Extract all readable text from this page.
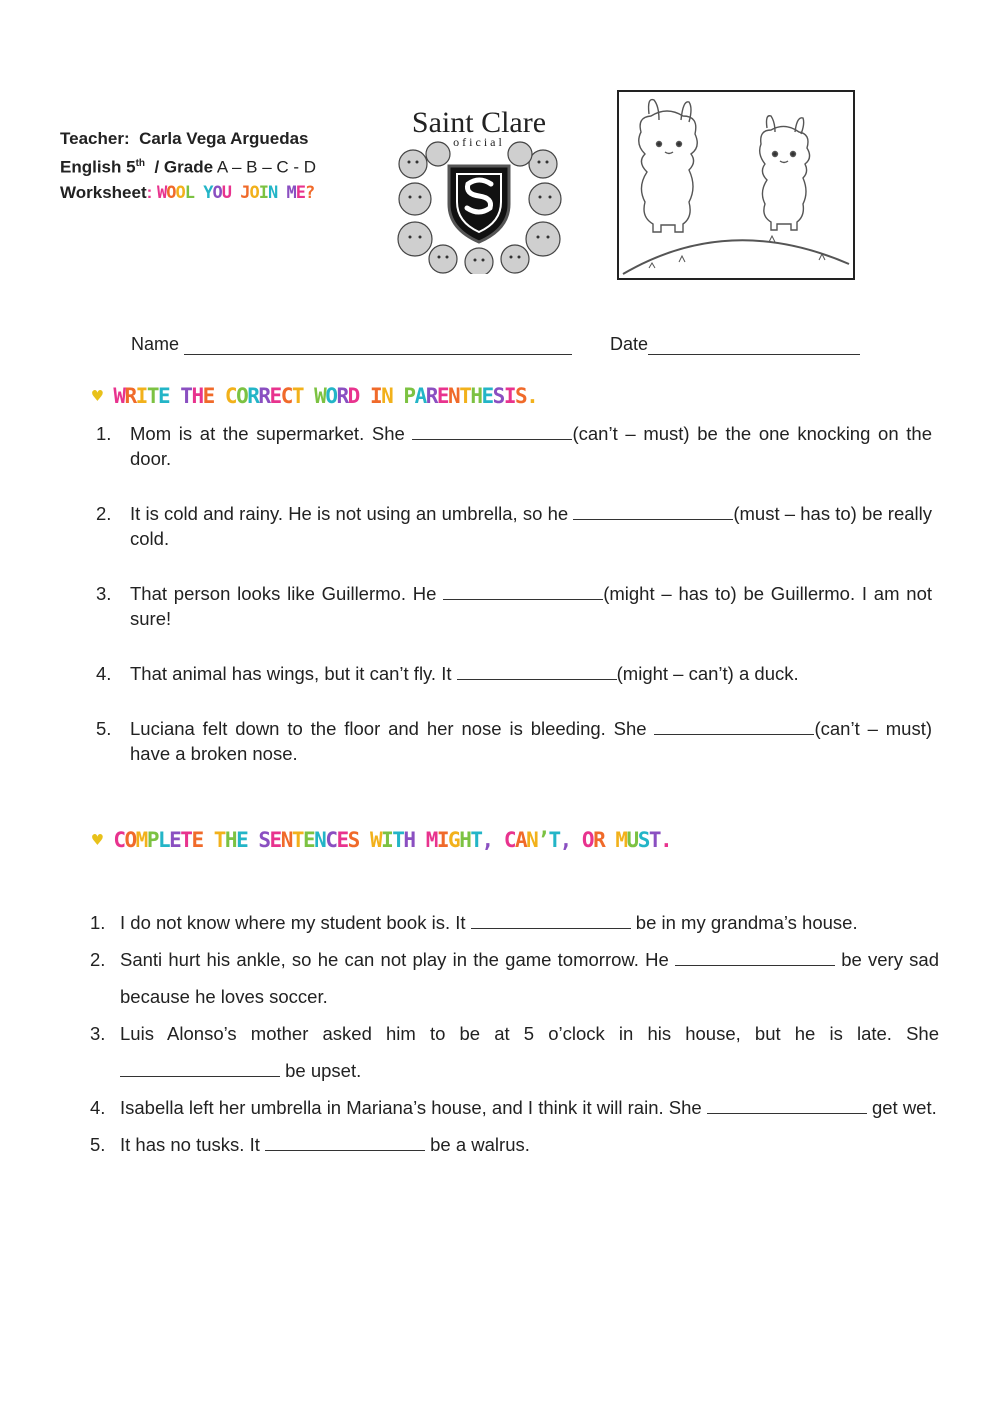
Teacher: Carla Vega Arguedas
English 5th / Grade A – B – C - D
Worksheet: WOOL YOU JOIN ME?
Saint Clare
oficial
Name	Date
♥ WRITE THE CORRECT WORD IN PARENTHESIS.
1.	Mom is at the supermarket. She	(can’t – must) be the one knocking on the door.
2.	It is cold and rainy. He is not using an umbrella, so he	(must – has to) be really cold.
3.	That person looks like Guillermo. He	(might – has to) be Guillermo. I am not sure!
4.	That animal has wings, but it can’t fly. It	(might – can’t) a duck.
5.	Luciana felt down to the floor and her nose is bleeding. She	(can’t – must) have a broken nose.
♥ COMPLETE THE SENTENCES WITH MIGHT, CAN’T, OR MUST.
1. I do not know where my student book is. It	be in my grandma’s house.
2. Santi hurt his ankle, so he can not play in the game tomorrow. He	be very sad because he loves soccer.
3. Luis Alonso’s mother asked him to be at 5 o’clock in his house, but he is late. She  be upset.
4. Isabella left her umbrella in Mariana’s house, and I think it will rain. She	get wet.
5. It has no tusks. It	be a walrus.
